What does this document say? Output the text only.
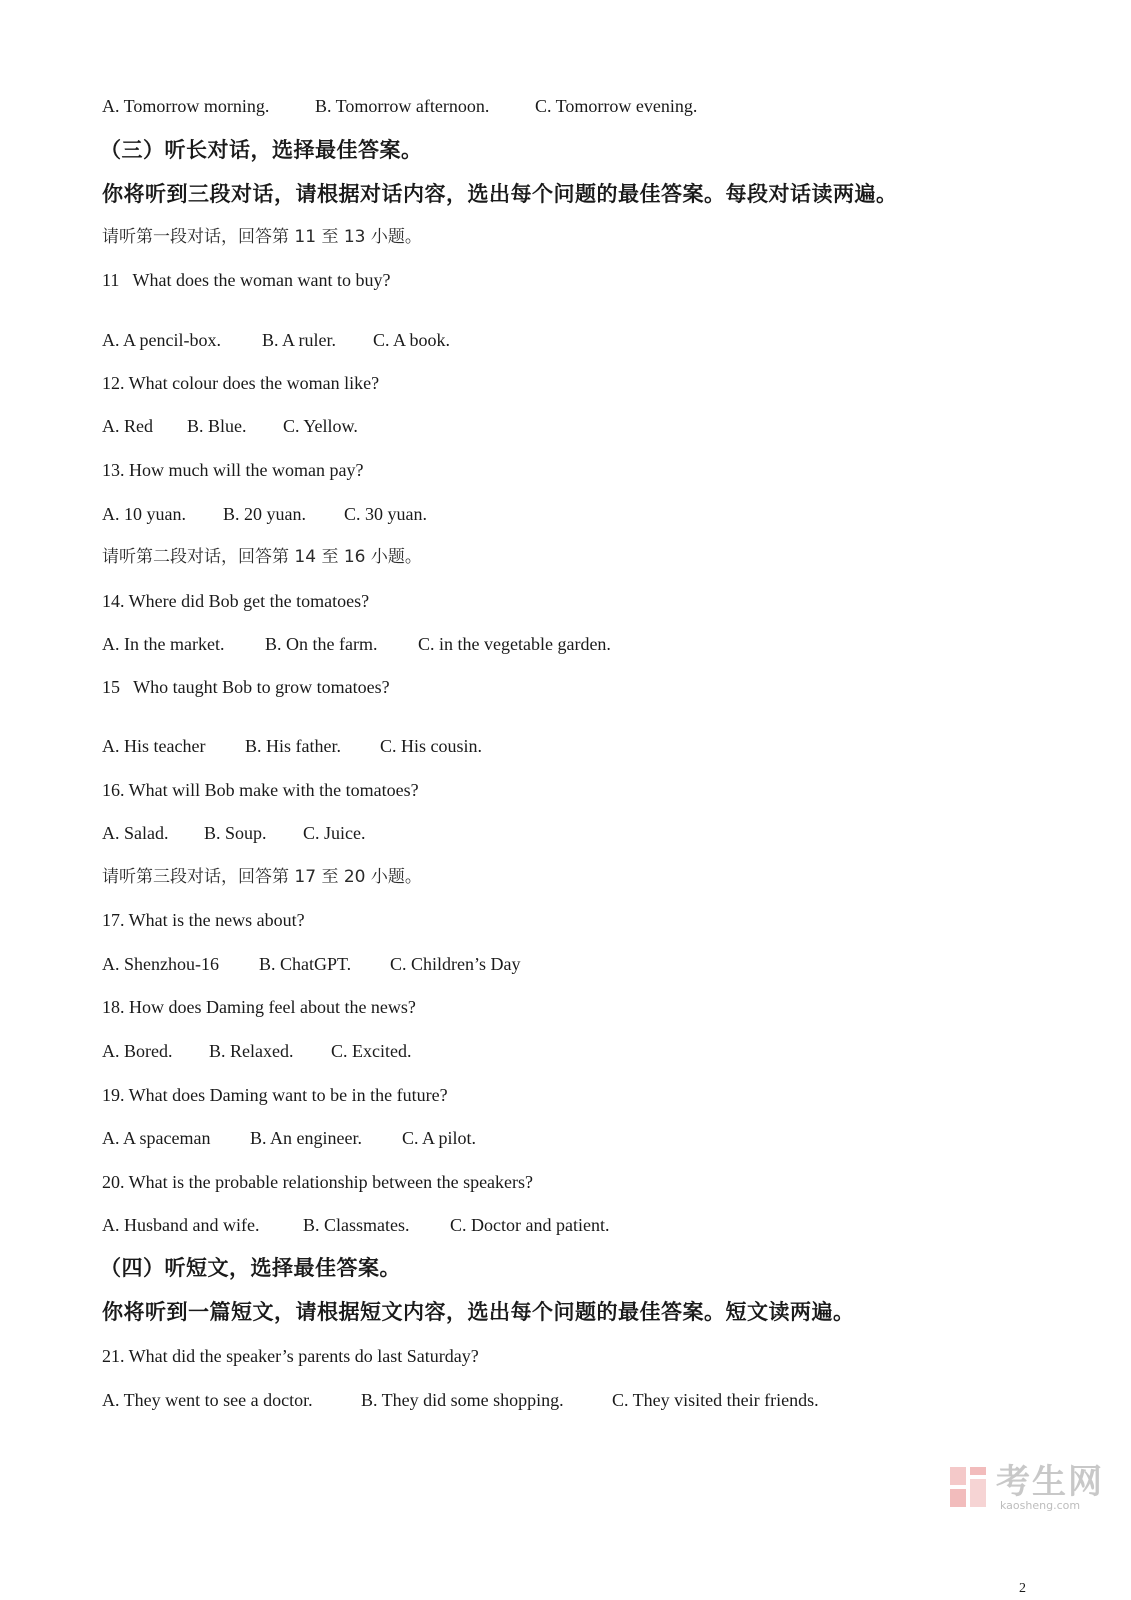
A. Tomorrow morning.	B. Tomorrow afternoon.	C. Tomorrow evening.
（三）听长对话，选择最佳答案。
你将听到三段对话，请根据对话内容，选出每个问题的最佳答案。每段对话读两遍。
请听第一段对话，回答第 11 至 13 小题。
11   What does the woman want to buy?
A. A pencil-box. B. A ruler. C. A book.
12. What colour does the woman like?
A. Red B. Blue. C. Yellow.
13. How much will the woman pay?
A. 10 yuan. B. 20 yuan. C. 30 yuan.
请听第二段对话，回答第 14 至 16 小题。
14. Where did Bob get the tomatoes?
A. In the market. B. On the farm. C. in the vegetable garden.
15   Who taught Bob to grow tomatoes?
A. His teacher B. His father. C. His cousin.
16. What will Bob make with the tomatoes?
A. Salad. B. Soup. C. Juice.
请听第三段对话，回答第 17 至 20 小题。
17. What is the news about?
A. Shenzhou-16 B. ChatGPT. C. Children’s Day
18. How does Daming feel about the news?
A. Bored. B. Relaxed. C. Excited.
19. What does Daming want to be in the future?
A. A spaceman B. An engineer. C. A pilot.
20. What is the probable relationship between the speakers?
A. Husband and wife. B. Classmates. C. Doctor and patient.
（四）听短文，选择最佳答案。
你将听到一篇短文，请根据短文内容，选出每个问题的最佳答案。短文读两遍。
21. What did the speaker’s parents do last Saturday?
A. They went to see a doctor.	B. They did some shopping.	C. They visited their friends.
考生网
kaosheng.com
2
